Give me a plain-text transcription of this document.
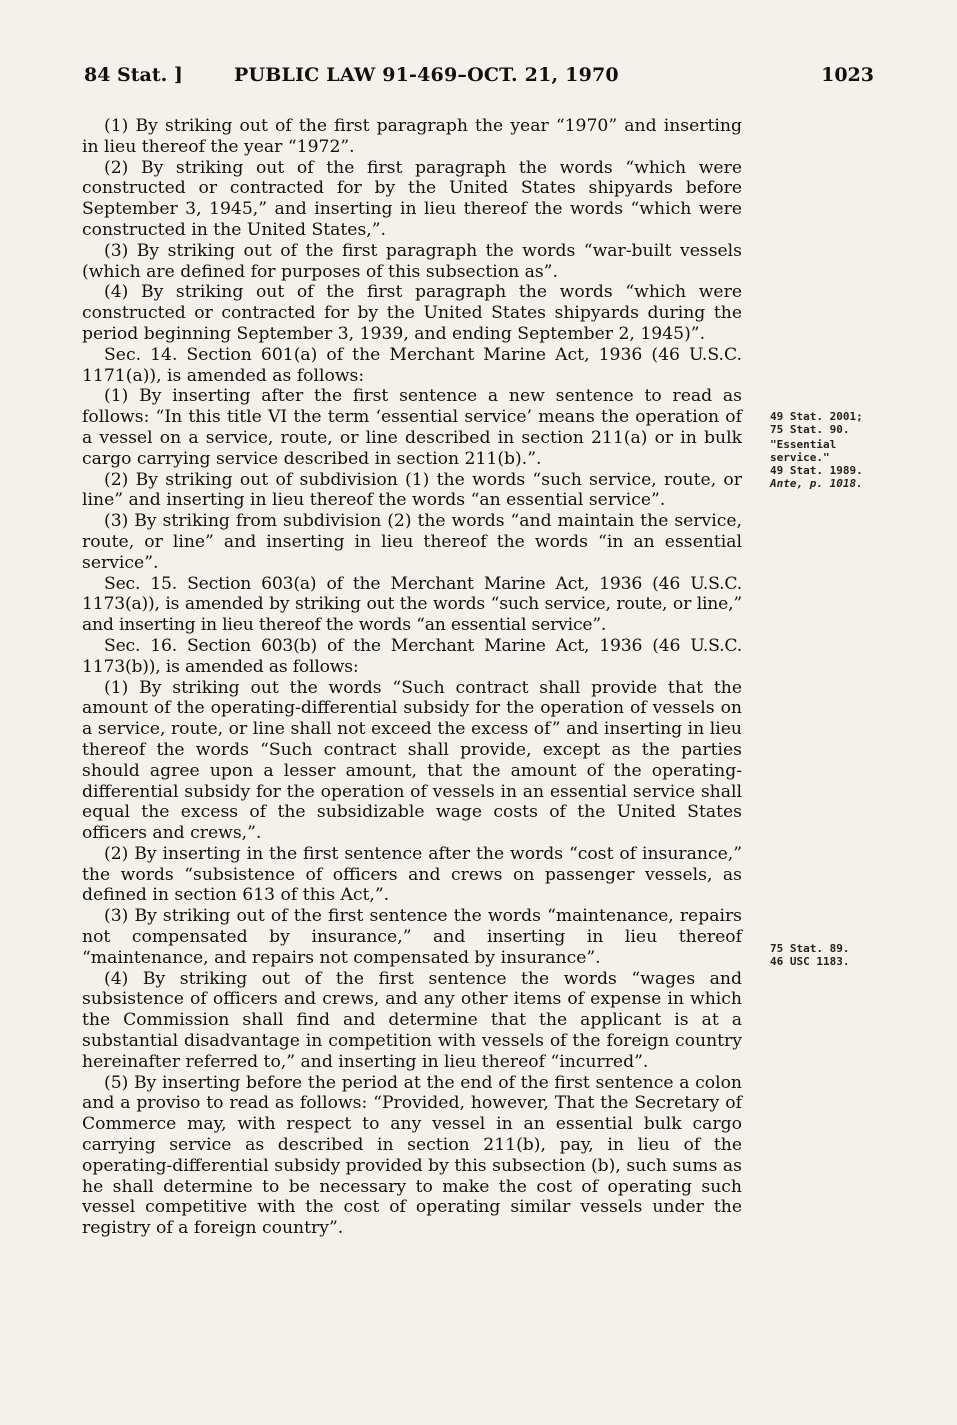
84 Stat. ]	PUBLIC LAW 91-469–OCT. 21, 1970	1023

(1) By striking out of the first paragraph the year “1970” and inserting in lieu thereof the year “1972”.

(2) By striking out of the first paragraph the words “which were constructed or contracted for by the United States shipyards before September 3, 1945,” and inserting in lieu thereof the words “which were constructed in the United States,”.

(3) By striking out of the first paragraph the words “war-built vessels (which are defined for purposes of this subsection as”.

(4) By striking out of the first paragraph the words “which were constructed or contracted for by the United States shipyards during the period beginning September 3, 1939, and ending September 2, 1945)”.

Sec. 14. Section 601(a) of the Merchant Marine Act, 1936 (46 U.S.C. 1171(a)), is amended as follows:

(1) By inserting after the first sentence a new sentence to read as follows: “In this title VI the term ‘essential service’ means the operation of a vessel on a service, route, or line described in section 211(a) or in bulk cargo carrying service described in section 211(b).”.

(2) By striking out of subdivision (1) the words “such service, route, or line” and inserting in lieu thereof the words “an essential service”.

(3) By striking from subdivision (2) the words “and maintain the service, route, or line” and inserting in lieu thereof the words “in an essential service”.

Sec. 15. Section 603(a) of the Merchant Marine Act, 1936 (46 U.S.C. 1173(a)), is amended by striking out the words “such service, route, or line,” and inserting in lieu thereof the words “an essential service”.

Sec. 16. Section 603(b) of the Merchant Marine Act, 1936 (46 U.S.C. 1173(b)), is amended as follows:

(1) By striking out the words “Such contract shall provide that the amount of the operating-differential subsidy for the operation of vessels on a service, route, or line shall not exceed the excess of” and inserting in lieu thereof the words “Such contract shall provide, except as the parties should agree upon a lesser amount, that the amount of the operating-differential subsidy for the operation of vessels in an essential service shall equal the excess of the subsidizable wage costs of the United States officers and crews,”.

(2) By inserting in the first sentence after the words “cost of insurance,” the words “subsistence of officers and crews on passenger vessels, as defined in section 613 of this Act,”.

(3) By striking out of the first sentence the words “maintenance, repairs not compensated by insurance,” and inserting in lieu thereof “maintenance, and repairs not compensated by insurance”.

(4) By striking out of the first sentence the words “wages and subsistence of officers and crews, and any other items of expense in which the Commission shall find and determine that the applicant is at a substantial disadvantage in competition with vessels of the foreign country hereinafter referred to,” and inserting in lieu thereof “incurred”.

(5) By inserting before the period at the end of the first sentence a colon and a proviso to read as follows: “Provided, however, That the Secretary of Commerce may, with respect to any vessel in an essential bulk cargo carrying service as described in section 211(b), pay, in lieu of the operating-differential subsidy provided by this subsection (b), such sums as he shall determine to be necessary to make the cost of operating such vessel competitive with the cost of operating similar vessels under the registry of a foreign country”.

49 Stat. 2001;
75 Stat. 90.
"Essential
service."
49 Stat. 1989.
Ante, p. 1018.
75 Stat. 89.
46 USC 1183.
